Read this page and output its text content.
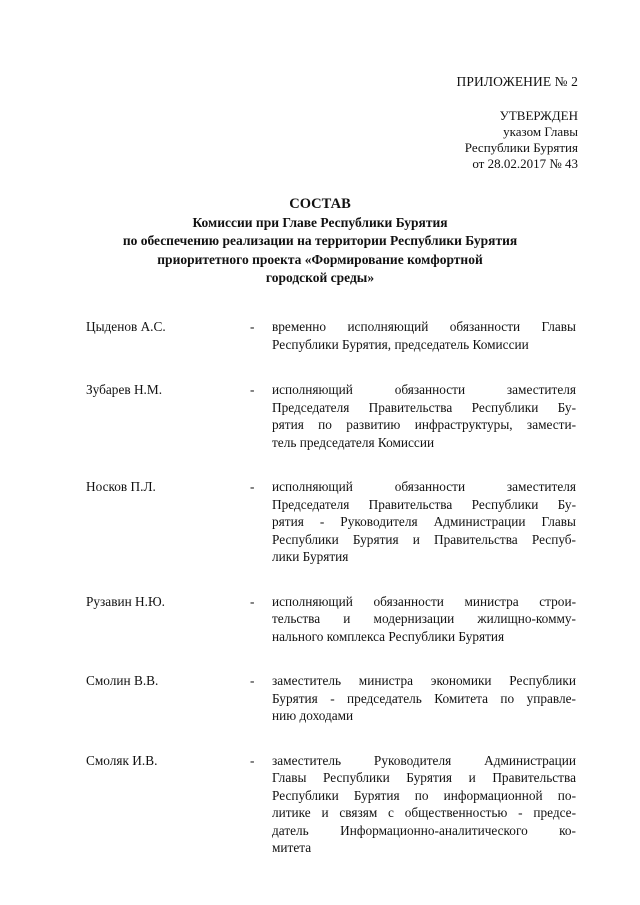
ПРИЛОЖЕНИЕ № 2
УТВЕРЖДЕН
указом Главы
Республики Бурятия
от 28.02.2017 № 43
СОСТАВ
Комиссии при Главе Республики Бурятия
по обеспечению реализации на территории Республики Бурятия
приоритетного проекта «Формирование комфортной
городской среды»
Цыденов А.С.	- временно исполняющий обязанности Главы
Республики Бурятия, председатель Комиссии
Зубарев Н.М.	- исполняющий обязанности заместителя
Председателя Правительства Республики Бу-
рятия по развитию инфраструктуры, замести-
тель председателя Комиссии
Носков П.Л.	- исполняющий обязанности заместителя
Председателя Правительства Республики Бу-
рятия - Руководителя Администрации Главы
Республики Бурятия и Правительства Респуб-
лики Бурятия
Рузавин Н.Ю.	- исполняющий обязанности министра строи-
тельства и модернизации жилищно-комму-
нального комплекса Республики Бурятия
Смолин В.В.	- заместитель министра экономики Республики
Бурятия - председатель Комитета по управле-
нию доходами
Смоляк И.В.	- заместитель Руководителя Администрации
Главы Республики Бурятия и Правительства
Республики Бурятия по информационной по-
литике и связям с общественностью - предсе-
датель Информационно-аналитического ко-
митета
